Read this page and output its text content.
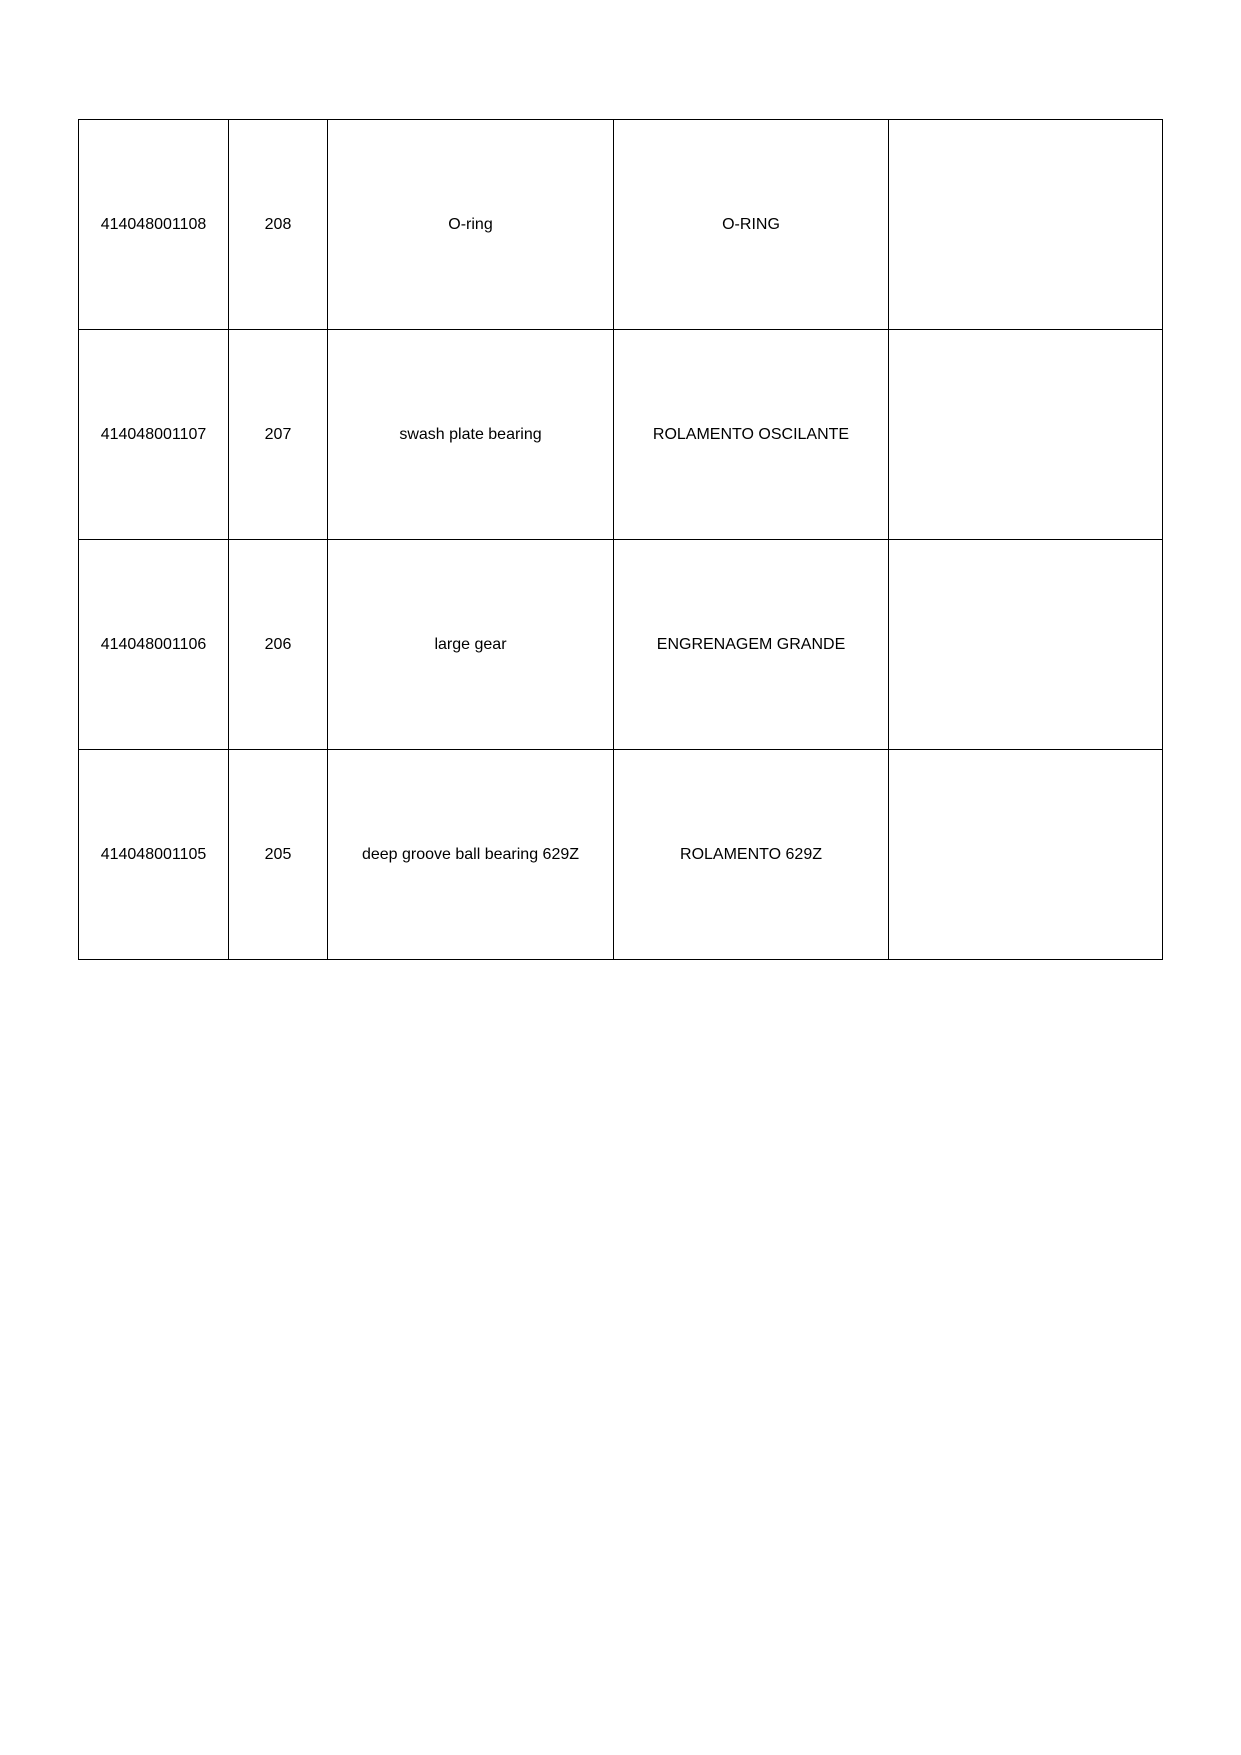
414048001108	208	O-ring	O-RING	
414048001107	207	swash plate bearing	ROLAMENTO OSCILANTE	
414048001106	206	large gear	ENGRENAGEM GRANDE	
414048001105	205	deep groove ball bearing 629Z	ROLAMENTO 629Z	
